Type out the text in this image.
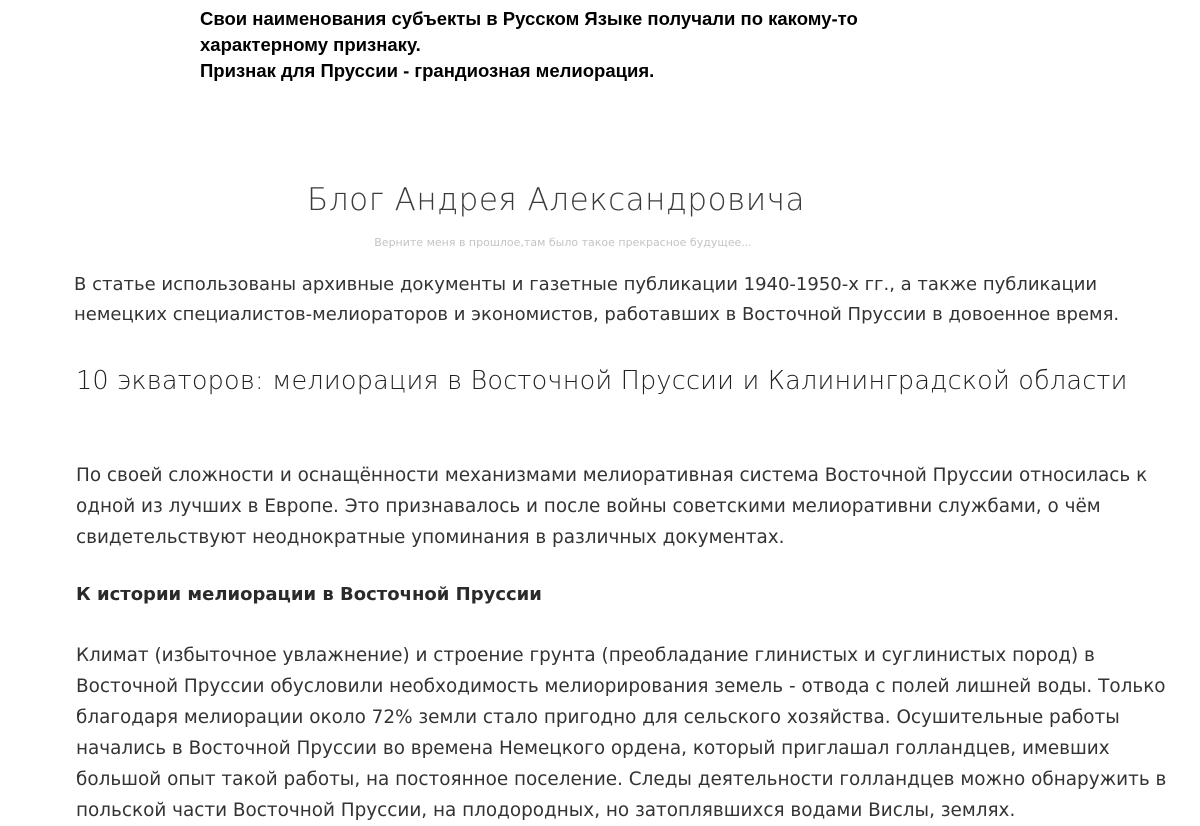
Свои наименования субъекты в Русском Языке получали по какому-то
характерному признаку.
Признак для Пруссии - грандиозная мелиорация.
Блог Андрея Александровича
Верните меня в прошлое,там было такое прекрасное будущее...
В статье использованы архивные документы и газетные публикации 1940-1950-х гг., а также публикации
немецких специалистов-мелиораторов и экономистов, работавших в Восточной Пруссии в довоенное время.
10 экваторов: мелиорация в Восточной Пруссии и Калининградской области
По своей сложности и оснащённости механизмами мелиоративная система Восточной Пруссии относилась к
одной из лучших в Европе. Это признавалось и после войны советскими мелиоративни службами, о чём
свидетельствуют неоднократные упоминания в различных документах.
К истории мелиорации в Восточной Пруссии
Климат (избыточное увлажнение) и строение грунта (преобладание глинистых и суглинистых пород) в
Восточной Пруссии обусловили необходимость мелиорирования земель - отвода с полей лишней воды. Только
благодаря мелиорации около 72% земли стало пригодно для сельского хозяйства. Осушительные работы
начались в Восточной Пруссии во времена Немецкого ордена, который приглашал голландцев, имевших
большой опыт такой работы, на постоянное поселение. Следы деятельности голландцев можно обнаружить в
польской части Восточной Пруссии, на плодородных, но затоплявшихся водами Вислы, землях.
